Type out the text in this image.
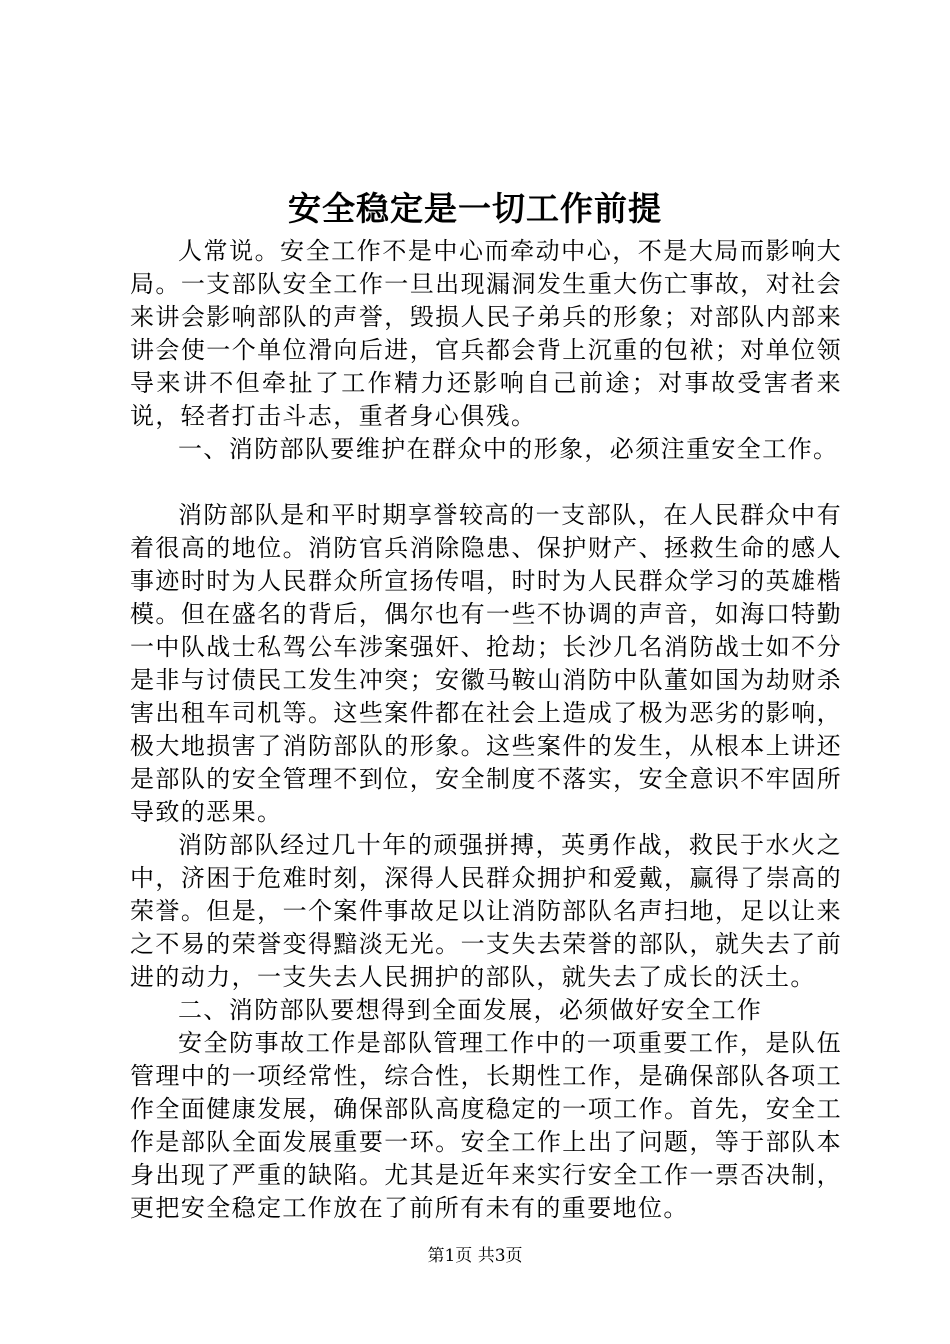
安全稳定是一切工作前提

人常说。安全工作不是中心而牵动中心，不是大局而影响大局。一支部队安全工作一旦出现漏洞发生重大伤亡事故，对社会来讲会影响部队的声誉，毁损人民子弟兵的形象；对部队内部来讲会使一个单位滑向后进，官兵都会背上沉重的包袱；对单位领导来讲不但牵扯了工作精力还影响自己前途；对事故受害者来说，轻者打击斗志，重者身心俱残。

一、消防部队要维护在群众中的形象，必须注重安全工作。

消防部队是和平时期享誉较高的一支部队，在人民群众中有着很高的地位。消防官兵消除隐患、保护财产、拯救生命的感人事迹时时为人民群众所宣扬传唱，时时为人民群众学习的英雄楷模。但在盛名的背后，偶尔也有一些不协调的声音，如海口特勤一中队战士私驾公车涉案强奸、抢劫；长沙几名消防战士如不分是非与讨债民工发生冲突；安徽马鞍山消防中队董如国为劫财杀害出租车司机等。这些案件都在社会上造成了极为恶劣的影响，极大地损害了消防部队的形象。这些案件的发生，从根本上讲还是部队的安全管理不到位，安全制度不落实，安全意识不牢固所导致的恶果。

消防部队经过几十年的顽强拼搏，英勇作战，救民于水火之中，济困于危难时刻，深得人民群众拥护和爱戴，赢得了崇高的荣誉。但是，一个案件事故足以让消防部队名声扫地，足以让来之不易的荣誉变得黯淡无光。一支失去荣誉的部队，就失去了前进的动力，一支失去人民拥护的部队，就失去了成长的沃土。

二、消防部队要想得到全面发展，必须做好安全工作

安全防事故工作是部队管理工作中的一项重要工作，是队伍管理中的一项经常性，综合性，长期性工作，是确保部队各项工作全面健康发展，确保部队高度稳定的一项工作。首先，安全工作是部队全面发展重要一环。安全工作上出了问题，等于部队本身出现了严重的缺陷。尤其是近年来实行安全工作一票否决制，更把安全稳定工作放在了前所有未有的重要地位。

第1页 共3页
